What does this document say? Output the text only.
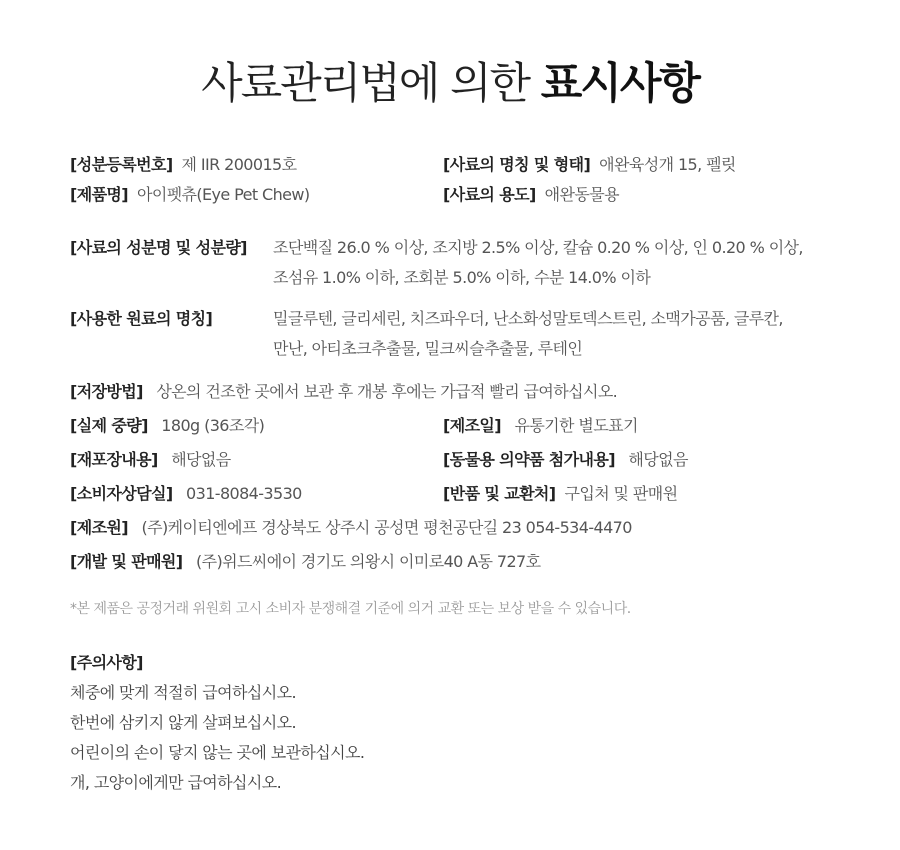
사료관리법에 의한 표시사항
[성분등록번호] 제 IIR 200015호	[사료의 명칭 및 형태] 애완육성개 15, 펠릿
[제품명] 아이펫츄(Eye Pet Chew)	[사료의 용도] 애완동물용
[사료의 성분명 및 성분량] 조단백질 26.0 % 이상, 조지방 2.5% 이상, 칼슘 0.20 % 이상, 인 0.20 % 이상,
조섬유 1.0% 이하, 조회분 5.0% 이하, 수분 14.0% 이하
[사용한 원료의 명칭]	밀글루텐, 글리세린, 치즈파우더, 난소화성말토덱스트린, 소맥가공품, 글루칸,
만난, 아티초크추출물, 밀크씨슬추출물, 루테인
[저장방법] 상온의 건조한 곳에서 보관 후 개봉 후에는 가급적 빨리 급여하십시오.
[실제 중량] 180g (36조각)	[제조일] 유통기한 별도표기
[재포장내용] 해당없음	[동물용 의약품 첨가내용] 해당없음
[소비자상담실] 031-8084-3530	[반품 및 교환처] 구입처 및 판매원
[제조원] (주)케이티엔에프 경상북도 상주시 공성면 평천공단길 23 054-534-4470
[개발 및 판매원] (주)위드씨에이 경기도 의왕시 이미로40 A동 727호
*본 제품은 공정거래 위원회 고시 소비자 분쟁해결 기준에 의거 교환 또는 보상 받을 수 있습니다.
[주의사항]
체중에 맞게 적절히 급여하십시오.
한번에 삼키지 않게 살펴보십시오.
어린이의 손이 닿지 않는 곳에 보관하십시오.
개, 고양이에게만 급여하십시오.
